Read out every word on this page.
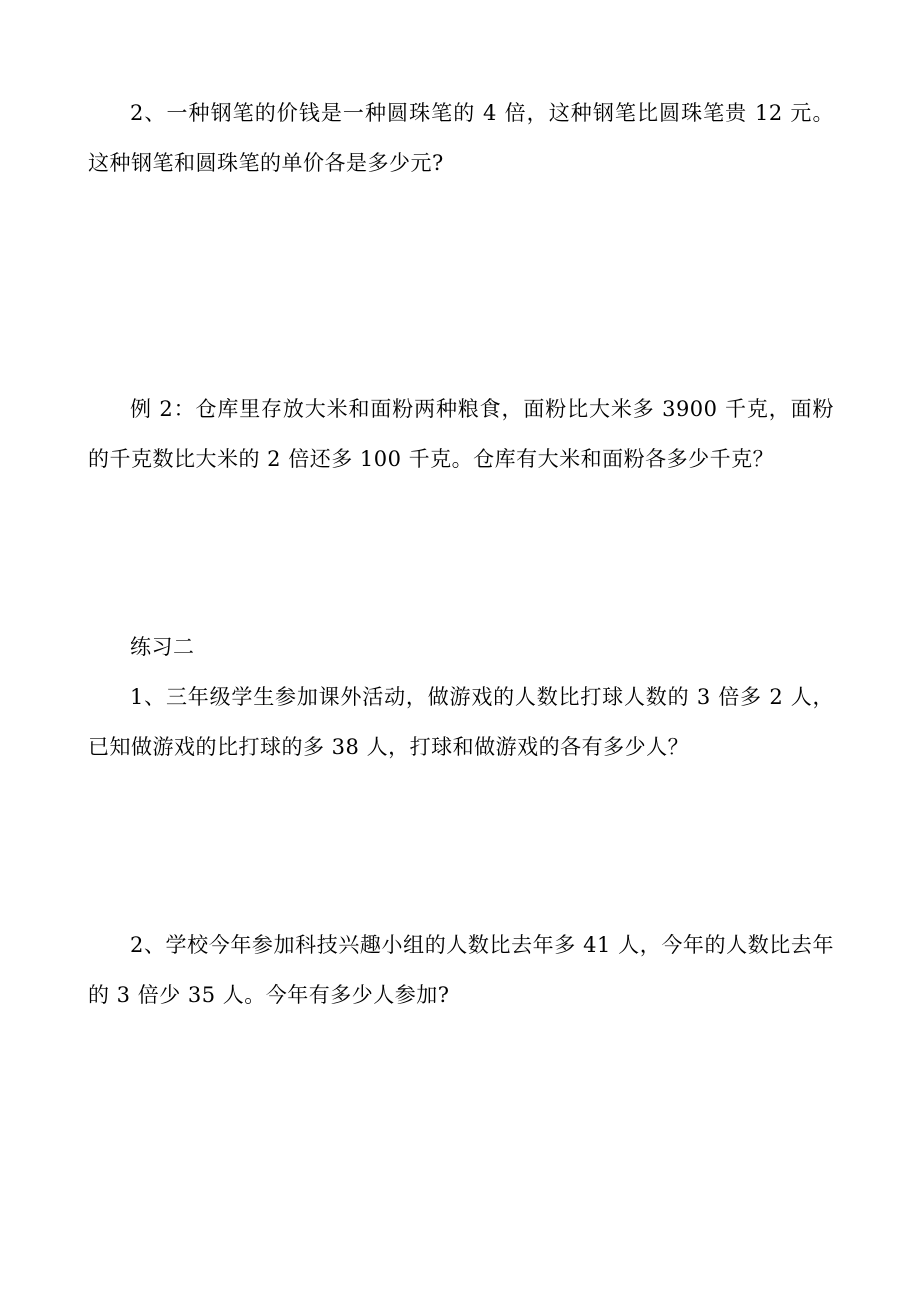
2、一种钢笔的价钱是一种圆珠笔的 4 倍，这种钢笔比圆珠笔贵 12 元。这种钢笔和圆珠笔的单价各是多少元?

例 2：仓库里存放大米和面粉两种粮食，面粉比大米多 3900 千克，面粉的千克数比大米的 2 倍还多 100 千克。仓库有大米和面粉各多少千克？

练习二

1、三年级学生参加课外活动，做游戏的人数比打球人数的 3 倍多 2 人，已知做游戏的比打球的多 38 人，打球和做游戏的各有多少人？

2、学校今年参加科技兴趣小组的人数比去年多 41 人，今年的人数比去年的 3 倍少 35 人。今年有多少人参加?
